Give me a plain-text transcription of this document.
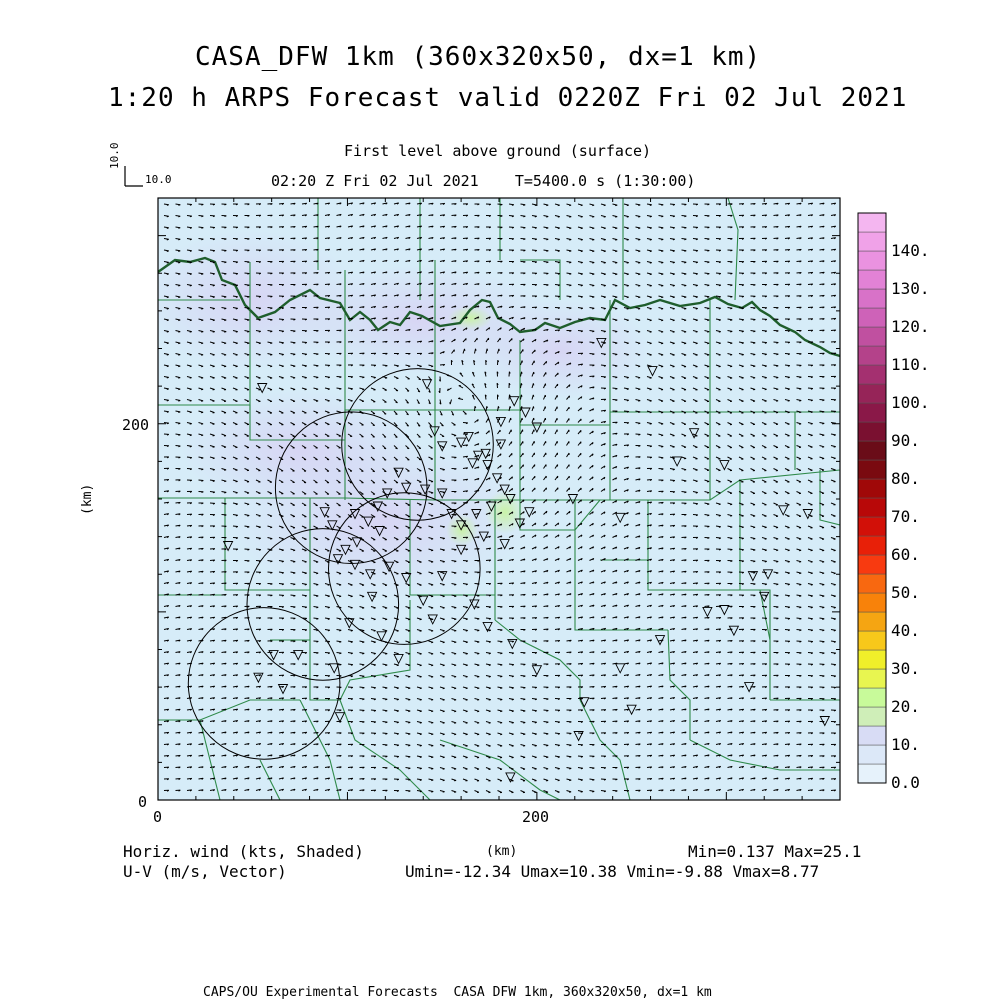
CASA_DFW 1km (360x320x50, dx=1 km)
1:20 h ARPS Forecast valid 0220Z Fri 02 Jul 2021
First level above ground (surface)
02:20 Z Fri 02 Jul 2021    T=5400.0 s (1:30:00)
10.0
10.0
200
0
0	200
(km)
(km)
0.0
10.
20.
30.
40.
50.
60.
70.
80.
90.
100.
110.
120.
130.
140.
Horiz. wind (kts, Shaded)
U-V (m/s, Vector)
Min=0.137 Max=25.1
Umin=-12.34 Umax=10.38 Vmin=-9.88 Vmax=8.77
CAPS/OU Experimental Forecasts  CASA DFW 1km, 360x320x50, dx=1 km
